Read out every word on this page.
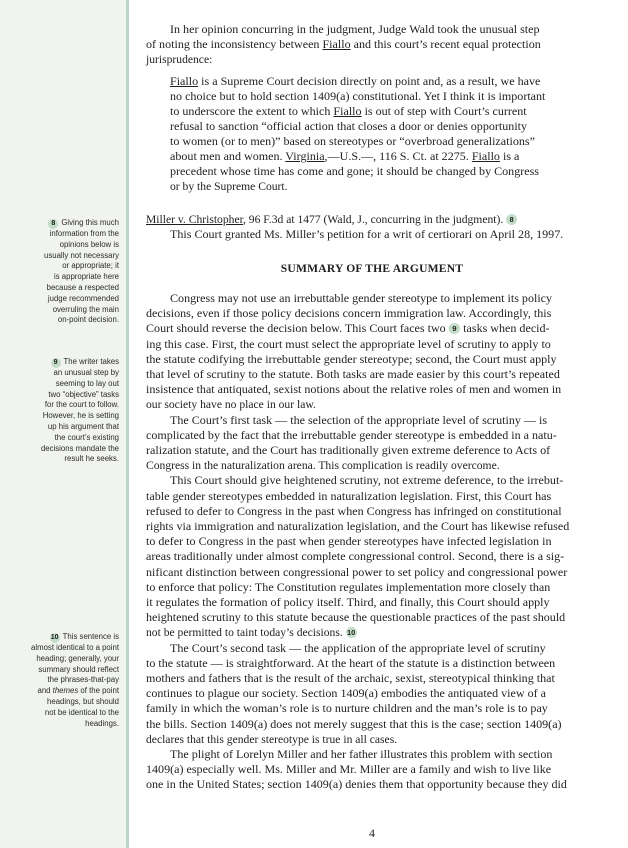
8 Giving this much
information from the
opinions below is
usually not necessary
or appropriate; it
is appropriate here
because a respected
judge recommended
overruling the main
on-point decision.
9 The writer takes
an unusual step by
seeming to lay out
two “objective” tasks
for the court to follow.
However, he is setting
up his argument that
the court’s existing
decisions mandate the
result he seeks.
10 This sentence is
almost identical to a point
heading; generally, your
summary should reflect
the phrases-that-pay
and themes of the point
headings, but should
not be identical to the
headings.
In her opinion concurring in the judgment, Judge Wald took the unusual step
of noting the inconsistency between Fiallo and this court’s recent equal protection
jurisprudence:
Fiallo is a Supreme Court decision directly on point and, as a result, we have
no choice but to hold section 1409(a) constitutional. Yet I think it is important
to underscore the extent to which Fiallo is out of step with Court’s current
refusal to sanction “official action that closes a door or denies opportunity
to women (or to men)” based on stereotypes or “overbroad generalizations”
about men and women. Virginia,—U.S.—, 116 S. Ct. at 2275. Fiallo is a
precedent whose time has come and gone; it should be changed by Congress
or by the Supreme Court.
Miller v. Christopher, 96 F.3d at 1477 (Wald, J., concurring in the judgment). 8
This Court granted Ms. Miller’s petition for a writ of certiorari on April 28, 1997.
Congress may not use an irrebuttable gender stereotype to implement its policy
decisions, even if those policy decisions concern immigration law. Accordingly, this
Court should reverse the decision below. This Court faces two 9 tasks when decid-
ing this case. First, the court must select the appropriate level of scrutiny to apply to
the statute codifying the irrebuttable gender stereotype; second, the Court must apply
that level of scrutiny to the statute. Both tasks are made easier by this court’s repeated
insistence that antiquated, sexist notions about the relative roles of men and women in
our society have no place in our law.
The Court’s first task — the selection of the appropriate level of scrutiny — is
complicated by the fact that the irrebuttable gender stereotype is embedded in a natu-
ralization statute, and the Court has traditionally given extreme deference to Acts of
Congress in the naturalization arena. This complication is readily overcome.
This Court should give heightened scrutiny, not extreme deference, to the irrebut-
table gender stereotypes embedded in naturalization legislation. First, this Court has
refused to defer to Congress in the past when Congress has infringed on constitutional
rights via immigration and naturalization legislation, and the Court has likewise refused
to defer to Congress in the past when gender stereotypes have infected legislation in
areas traditionally under almost complete congressional control. Second, there is a sig-
nificant distinction between congressional power to set policy and congressional power
to enforce that policy: The Constitution regulates implementation more closely than
it regulates the formation of policy itself. Third, and finally, this Court should apply
heightened scrutiny to this statute because the questionable practices of the past should
not be permitted to taint today’s decisions. 10
The Court’s second task — the application of the appropriate level of scrutiny
to the statute — is straightforward. At the heart of the statute is a distinction between
mothers and fathers that is the result of the archaic, sexist, stereotypical thinking that
continues to plague our society. Section 1409(a) embodies the antiquated view of a
family in which the woman’s role is to nurture children and the man’s role is to pay
the bills. Section 1409(a) does not merely suggest that this is the case; section 1409(a)
declares that this gender stereotype is true in all cases.
The plight of Lorelyn Miller and her father illustrates this problem with section
1409(a) especially well. Ms. Miller and Mr. Miller are a family and wish to live like
one in the United States; section 1409(a) denies them that opportunity because they did
SUMMARY OF THE ARGUMENT
4
